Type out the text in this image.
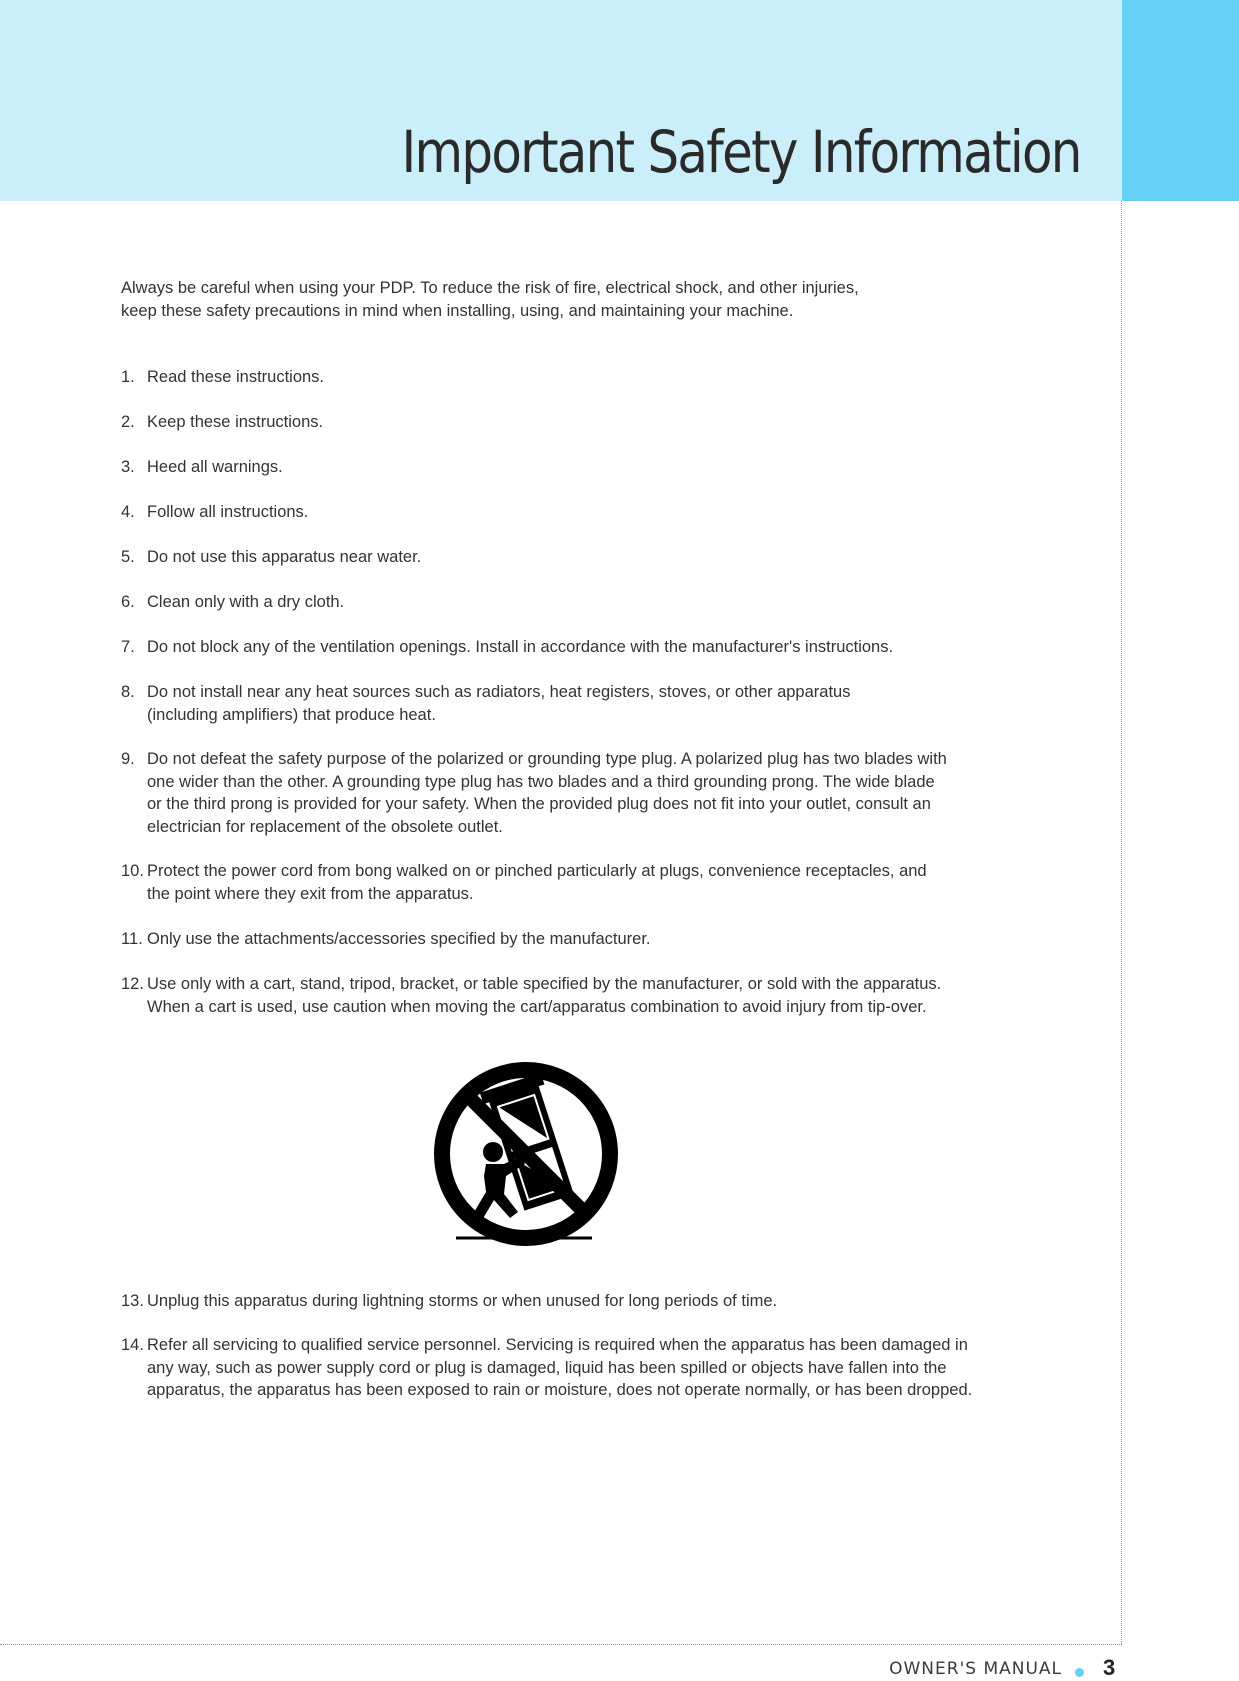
Important Safety Information

Always be careful when using your PDP. To reduce the risk of fire, electrical shock, and other injuries,
keep these safety precautions in mind when installing, using, and maintaining your machine.

1. Read these instructions.
2. Keep these instructions.
3. Heed all warnings.
4. Follow all instructions.
5. Do not use this apparatus near water.
6. Clean only with a dry cloth.
7. Do not block any of the ventilation openings. Install in accordance with the manufacturer's instructions.
8. Do not install near any heat sources such as radiators, heat registers, stoves, or other apparatus
(including amplifiers) that produce heat.
9. Do not defeat the safety purpose of the polarized or grounding type plug. A polarized plug has two blades with
one wider than the other. A grounding type plug has two blades and a third grounding prong. The wide blade
or the third prong is provided for your safety. When the provided plug does not fit into your outlet, consult an
electrician for replacement of the obsolete outlet.
10. Protect the power cord from bong walked on or pinched particularly at plugs, convenience receptacles, and
the point where they exit from the apparatus.
11. Only use the attachments/accessories specified by the manufacturer.
12. Use only with a cart, stand, tripod, bracket, or table specified by the manufacturer, or sold with the apparatus.
When a cart is used, use caution when moving the cart/apparatus combination to avoid injury from tip-over.
13. Unplug this apparatus during lightning storms or when unused for long periods of time.
14. Refer all servicing to qualified service personnel. Servicing is required when the apparatus has been damaged in
any way, such as power supply cord or plug is damaged, liquid has been spilled or objects have fallen into the
apparatus, the apparatus has been exposed to rain or moisture, does not operate normally, or has been dropped.
OWNER'S MANUAL 3
